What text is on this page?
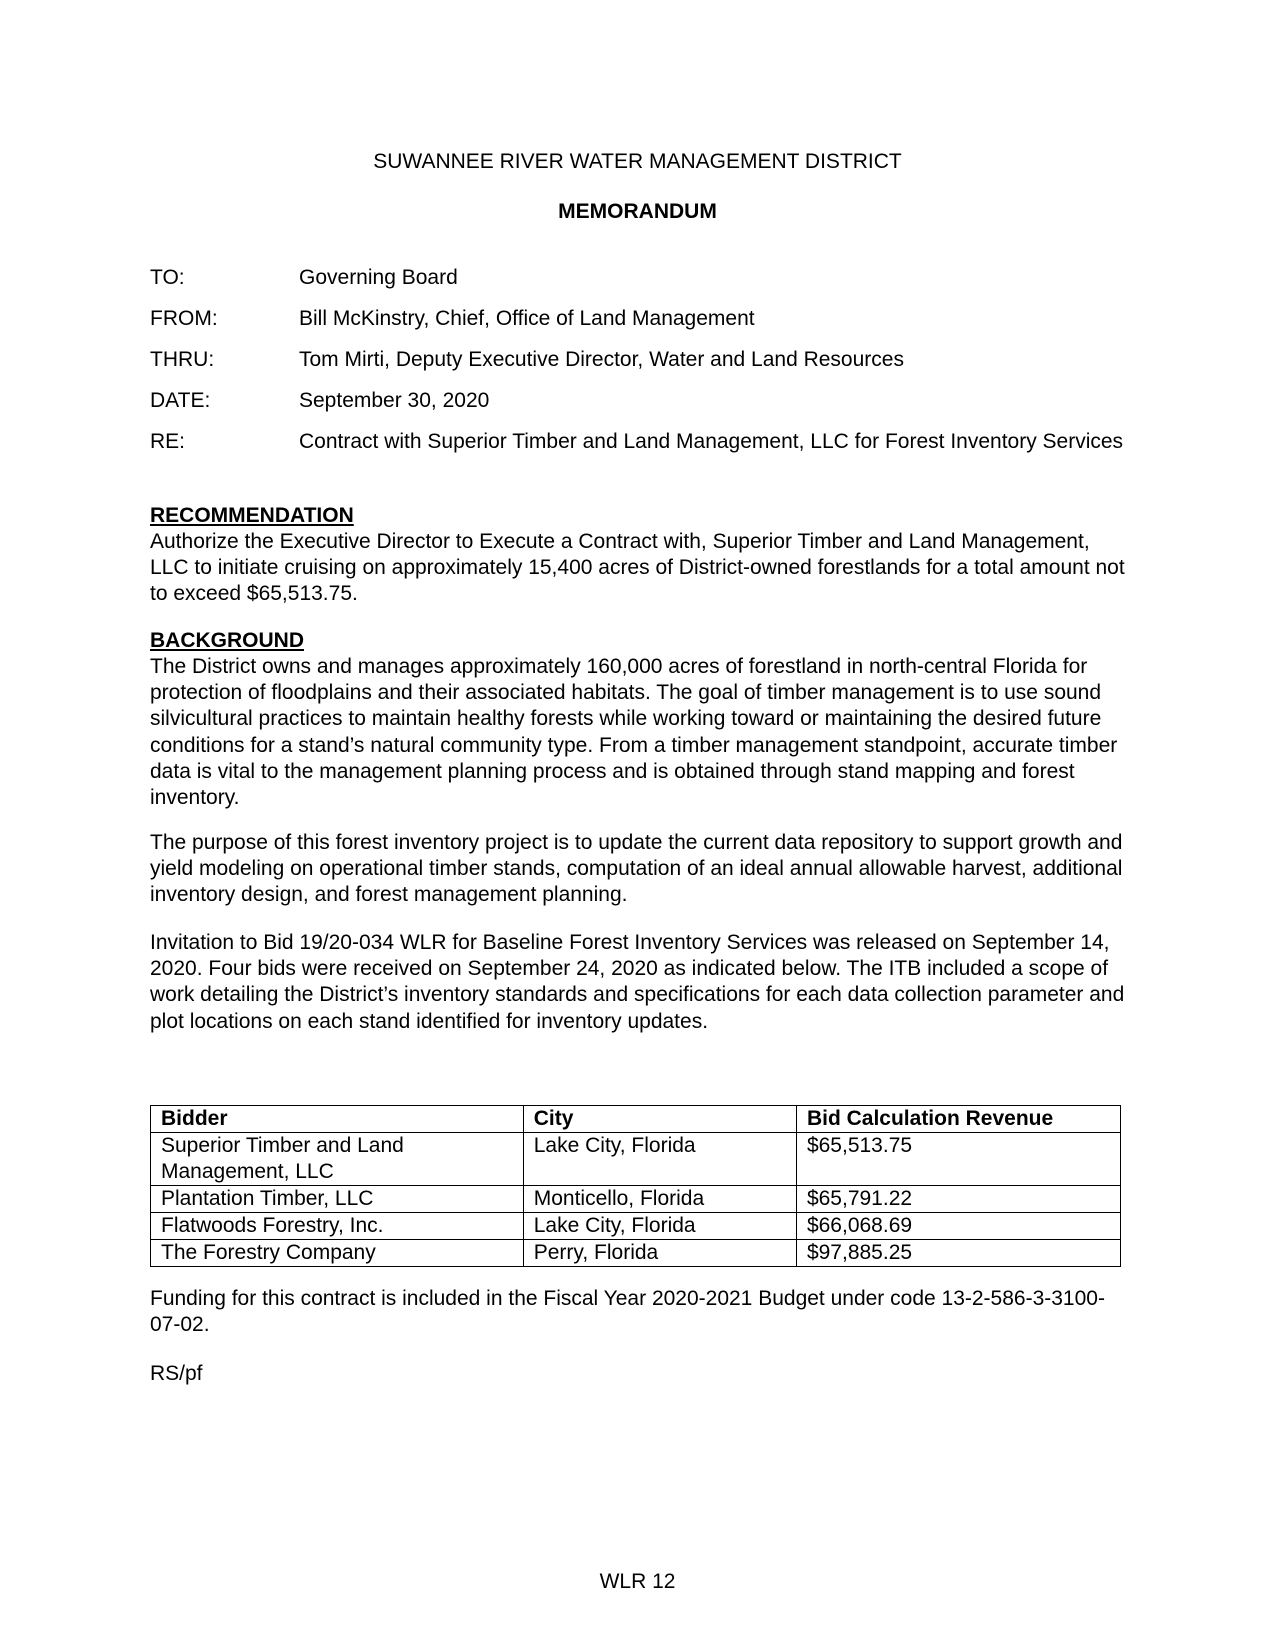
SUWANNEE RIVER WATER MANAGEMENT DISTRICT
MEMORANDUM
TO:	Governing Board
FROM:	Bill McKinstry, Chief, Office of Land Management
THRU:	Tom Mirti, Deputy Executive Director, Water and Land Resources
DATE:	September 30, 2020
RE:	Contract with Superior Timber and Land Management, LLC for Forest Inventory Services
RECOMMENDATION
Authorize the Executive Director to Execute a Contract with, Superior Timber and Land Management, LLC to initiate cruising on approximately 15,400 acres of District-owned forestlands for a total amount not to exceed $65,513.75.
BACKGROUND
The District owns and manages approximately 160,000 acres of forestland in north-central Florida for protection of floodplains and their associated habitats. The goal of timber management is to use sound silvicultural practices to maintain healthy forests while working toward or maintaining the desired future conditions for a stand’s natural community type. From a timber management standpoint, accurate timber data is vital to the management planning process and is obtained through stand mapping and forest inventory.
The purpose of this forest inventory project is to update the current data repository to support growth and yield modeling on operational timber stands, computation of an ideal annual allowable harvest, additional inventory design, and forest management planning.
Invitation to Bid 19/20-034 WLR for Baseline Forest Inventory Services was released on September 14, 2020. Four bids were received on September 24, 2020 as indicated below. The ITB included a scope of work detailing the District’s inventory standards and specifications for each data collection parameter and plot locations on each stand identified for inventory updates.
Bidder	City	Bid Calculation Revenue
Superior Timber and Land Management, LLC	Lake City, Florida	$65,513.75
Plantation Timber, LLC	Monticello, Florida	$65,791.22
Flatwoods Forestry, Inc.	Lake City, Florida	$66,068.69
The Forestry Company	Perry, Florida	$97,885.25
Funding for this contract is included in the Fiscal Year 2020-2021 Budget under code 13-2-586-3-3100-07-02.
RS/pf
WLR 12
